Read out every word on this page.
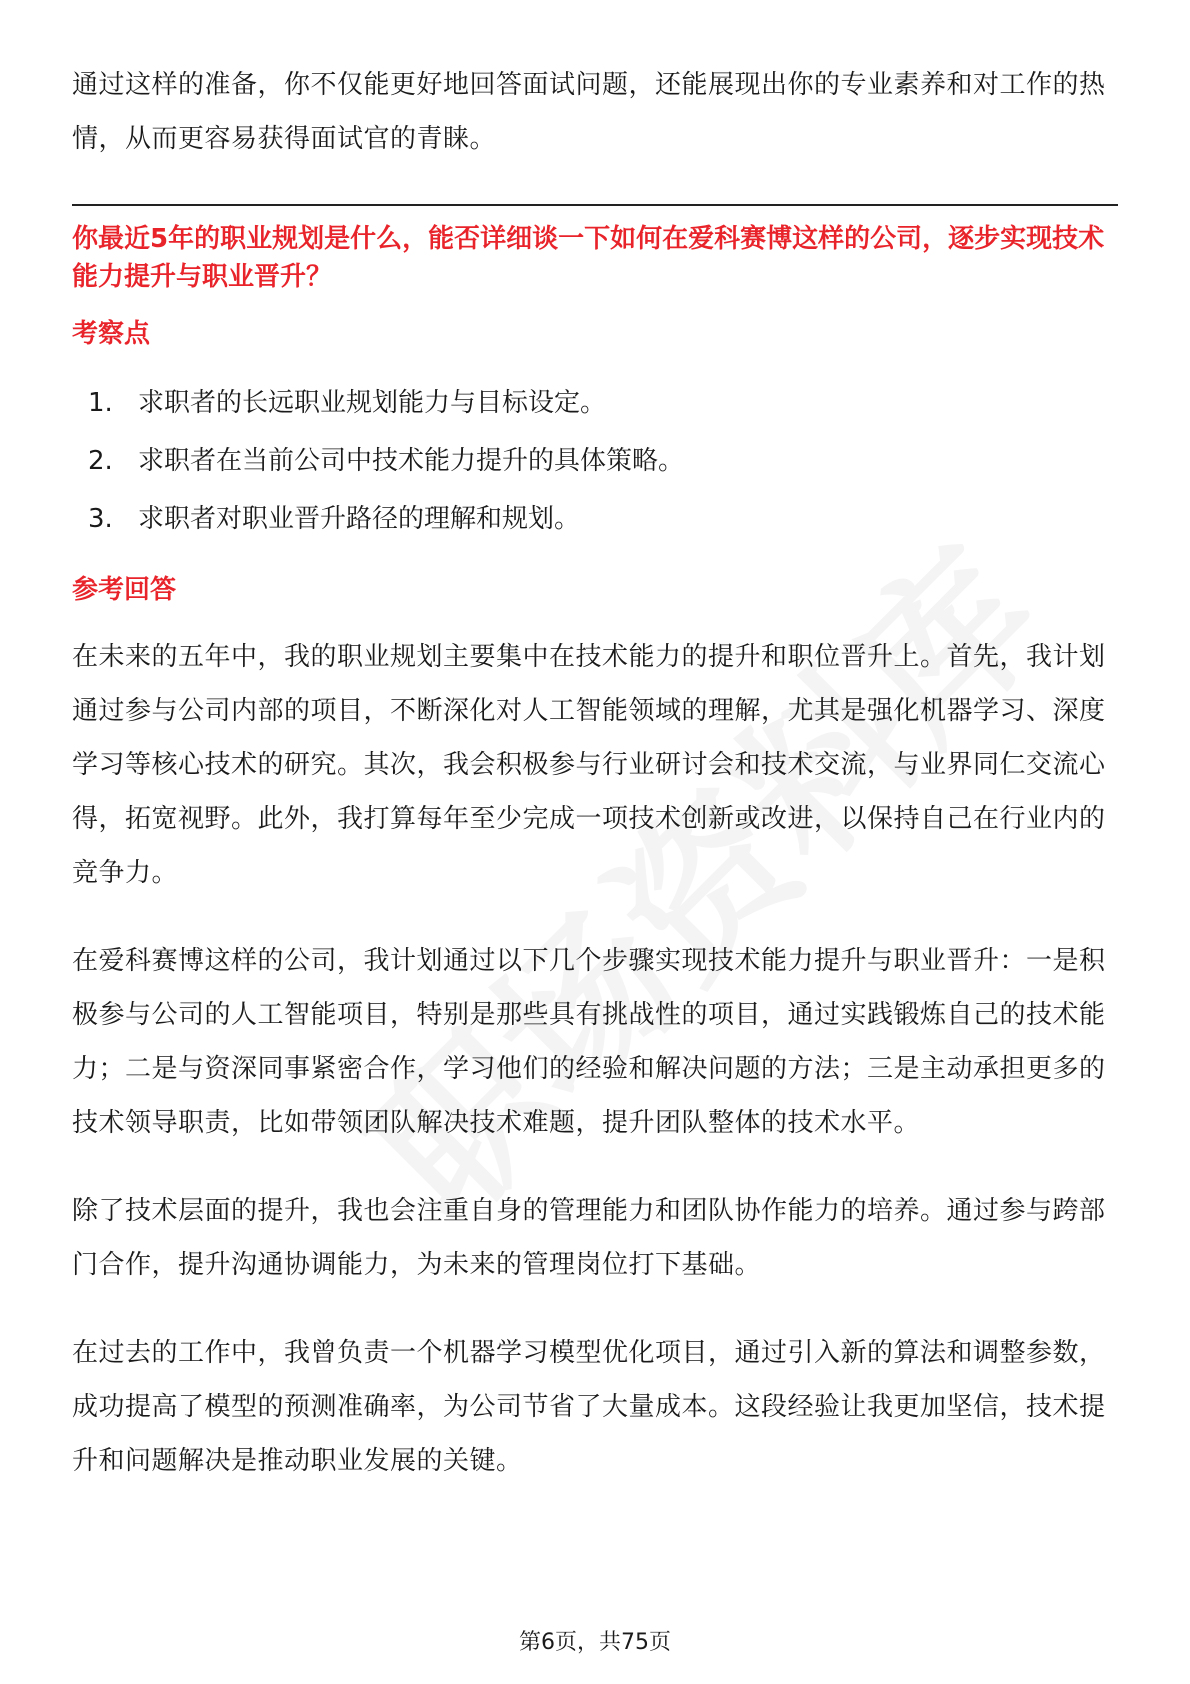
通过这样的准备，你不仅能更好地回答面试问题，还能展现出你的专业素养和对工作的热情，从而更容易获得面试官的青睐。

你最近5年的职业规划是什么，能否详细谈一下如何在爱科赛博这样的公司，逐步实现技术能力提升与职业晋升？
考察点
1. 求职者的长远职业规划能力与目标设定。
2. 求职者在当前公司中技术能力提升的具体策略。
3. 求职者对职业晋升路径的理解和规划。
参考回答

在未来的五年中，我的职业规划主要集中在技术能力的提升和职位晋升上。首先，我计划通过参与公司内部的项目，不断深化对人工智能领域的理解，尤其是强化机器学习、深度学习等核心技术的研究。其次，我会积极参与行业研讨会和技术交流，与业界同仁交流心得，拓宽视野。此外，我打算每年至少完成一项技术创新或改进，以保持自己在行业内的竞争力。

在爱科赛博这样的公司，我计划通过以下几个步骤实现技术能力提升与职业晋升：一是积极参与公司的人工智能项目，特别是那些具有挑战性的项目，通过实践锻炼自己的技术能力；二是与资深同事紧密合作，学习他们的经验和解决问题的方法；三是主动承担更多的技术领导职责，比如带领团队解决技术难题，提升团队整体的技术水平。

除了技术层面的提升，我也会注重自身的管理能力和团队协作能力的培养。通过参与跨部门合作，提升沟通协调能力，为未来的管理岗位打下基础。

在过去的工作中，我曾负责一个机器学习模型优化项目，通过引入新的算法和调整参数，成功提高了模型的预测准确率，为公司节省了大量成本。这段经验让我更加坚信，技术提升和问题解决是推动职业发展的关键。

第6页，共75页
